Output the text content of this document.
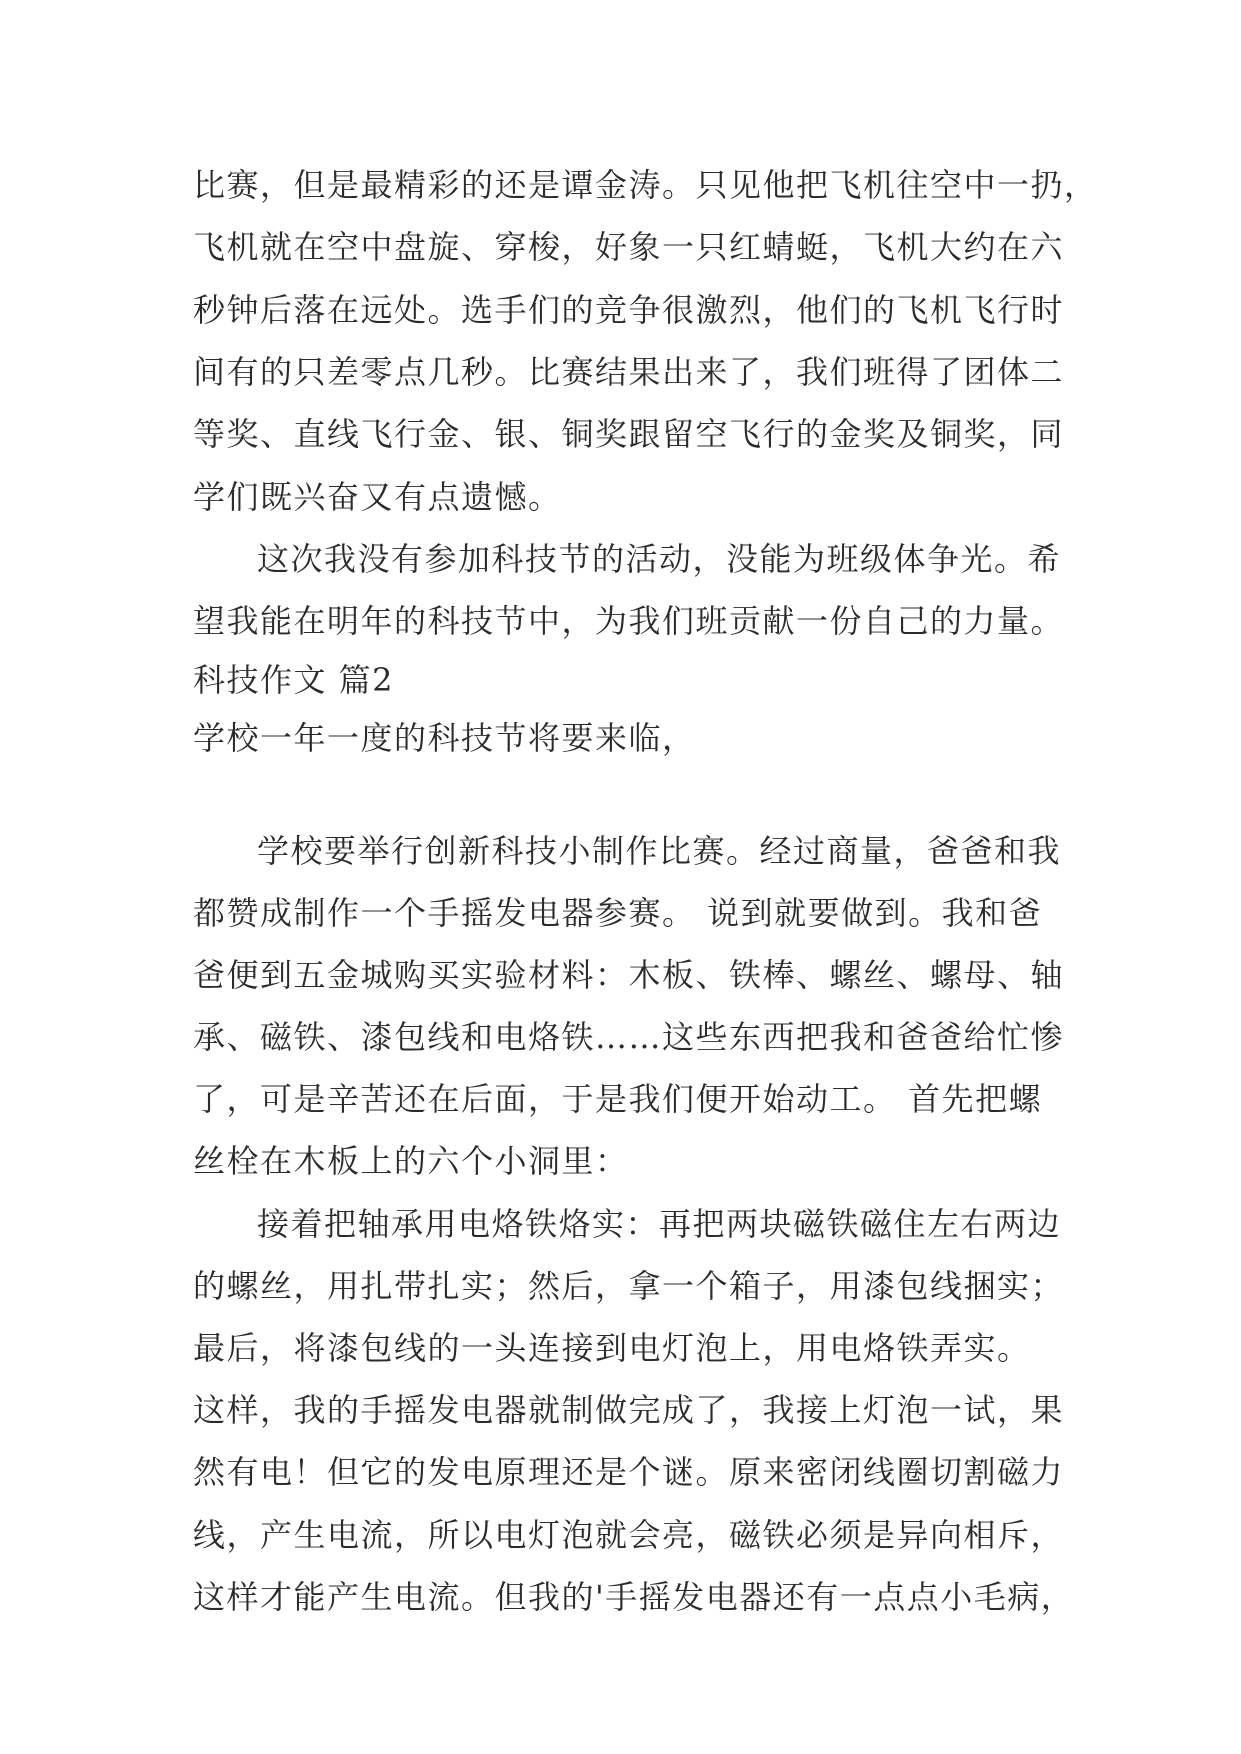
比赛，但是最精彩的还是谭金涛。只见他把飞机往空中一扔，
飞机就在空中盘旋、穿梭，好象一只红蜻蜓，飞机大约在六
秒钟后落在远处。选手们的竞争很激烈，他们的飞机飞行时
间有的只差零点几秒。比赛结果出来了，我们班得了团体二
等奖、直线飞行金、银、铜奖跟留空飞行的金奖及铜奖，同
学们既兴奋又有点遗憾。
这次我没有参加科技节的活动，没能为班级体争光。希
望我能在明年的科技节中，为我们班贡献一份自己的力量。
科技作文 篇2
学校一年一度的科技节将要来临，
学校要举行创新科技小制作比赛。经过商量，爸爸和我
都赞成制作一个手摇发电器参赛。 说到就要做到。我和爸
爸便到五金城购买实验材料：木板、铁棒、螺丝、螺母、轴
承、磁铁、漆包线和电烙铁……这些东西把我和爸爸给忙惨
了，可是辛苦还在后面，于是我们便开始动工。 首先把螺
丝栓在木板上的六个小洞里：
接着把轴承用电烙铁烙实：再把两块磁铁磁住左右两边
的螺丝，用扎带扎实；然后，拿一个箱子，用漆包线捆实；
最后，将漆包线的一头连接到电灯泡上，用电烙铁弄实。
这样，我的手摇发电器就制做完成了，我接上灯泡一试，果
然有电！但它的发电原理还是个谜。原来密闭线圈切割磁力
线，产生电流，所以电灯泡就会亮，磁铁必须是异向相斥，
这样才能产生电流。但我的'手摇发电器还有一点点小毛病，
